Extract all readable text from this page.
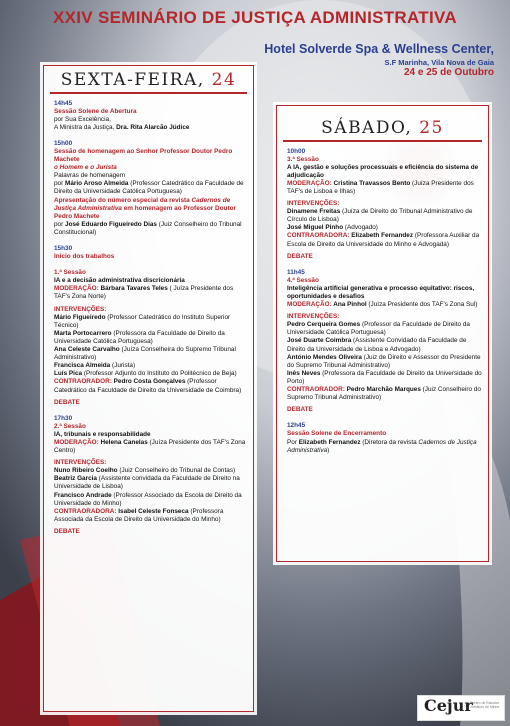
XXIV SEMINÁRIO DE JUSTIÇA ADMINISTRATIVA
Hotel Solverde Spa & Wellness Center,
S.F Marinha, Vila Nova de Gaia
24 e 25 de Outubro
SEXTA-FEIRA, 24
14h45
Sessão Solene de Abertura
por Sua Excelência,
A Ministra da Justiça, Dra. Rita Alarcão Júdice
15h00
Sessão de homenagem ao Senhor Professor Doutor Pedro Machete
o Homem e o Jurista
Palavras de homenagem
por Mário Aroso Almeida (Professor Catedrático da Faculdade de Direito da Universidade Católica Portuguesa)
Apresentação do número especial da revista Cadernos de Justiça Administrativa em homenagem ao Professor Doutor Pedro Machete
por José Eduardo Figueiredo Dias (Juiz Conselheiro do Tribunal Constitucional)
15h30
Início dos trabalhos
1.ª Sessão
IA e a decisão administrativa discricionária
MODERAÇÃO: Bárbara Tavares Teles ( Juíza Presidente dos TAF's Zona Norte)
INTERVENÇÕES:
Mário Figueiredo (Professor Catedrático do Instituto Superior Técnico)
Marta Portocarrero (Professora da Faculdade de Direito da Universidade Católica Portuguesa)
Ana Celeste Carvalho (Juíza Conselheira do Supremo Tribunal Administrativo)
Francisca Almeida (Jurista)
Luís Pica (Professor Adjunto do Instituto do Politécnico de Beja)
CONTRAORADOR: Pedro Costa Gonçalves (Professor Catedrático da Faculdade de Direito da Universidade de Coimbra)
DEBATE
17h30
2.ª Sessão
IA, tribunais e responsabilidade
MODERAÇÃO: Helena Canelas (Juíza Presidente dos TAF's Zona Centro)
INTERVENÇÕES:
Nuno Ribeiro Coelho (Juiz Conselheiro do Tribunal de Contas)
Beatriz Garcia (Assistente convidada da Faculdade de Direito na Universidade de Lisboa)
Francisco Andrade (Professor Associado da Escola de Direito da Universidade do Minho)
CONTRAORADORA: Isabel Celeste Fonseca (Professora Associada da Escola de Direito da Universidade do Minho)
DEBATE
SÁBADO, 25
10h00
3.ª Sessão
A IA, gestão e soluções processuais e eficiência do sistema de adjudicação
MODERAÇÃO: Cristina Travassos Bento (Juíza Presidente dos TAF's de Lisboa e Ilhas)
INTERVENÇÕES:
Dinamene Freitas (Juíza de Direito do Tribunal Administrativo de Círculo de Lisboa)
José Miguel Pinho (Advogado)
CONTRAORADORA: Elizabeth Fernandez (Professora Auxiliar da Escola de Direito da Universidade do Minho e Advogada)
DEBATE
11h45
4.ª Sessão
Inteligência artificial generativa e processo equitativo: riscos, oportunidades e desafios
MODERAÇÃO: Ana Pinhol (Juíza Presidente dos TAF's Zona Sul)
INTERVENÇÕES:
Pedro Cerqueira Gomes (Professor da Faculdade de Direito da Universidade Católica Portuguesa)
José Duarte Coimbra (Assistente Convidado da Faculdade de Direito da Universidade de Lisboa e Advogado)
António Mendes Oliveira (Juiz de Direito e Assessor do Presidente do Supremo Tribunal Administrativo)
Inês Neves (Professora da Faculdade de Direito da Universidade do Porto)
CONTRAORADOR: Pedro Marchão Marques (Juiz Conselheiro do Supremo Tribunal Administrativo)
DEBATE
12h45
Sessão Solene de Encerramento
Por Elizabeth Fernandez (Diretora da revista Cadernos de Justiça Administrativa)
Cejur
Centro de Estudos Jurídicos do Minho
